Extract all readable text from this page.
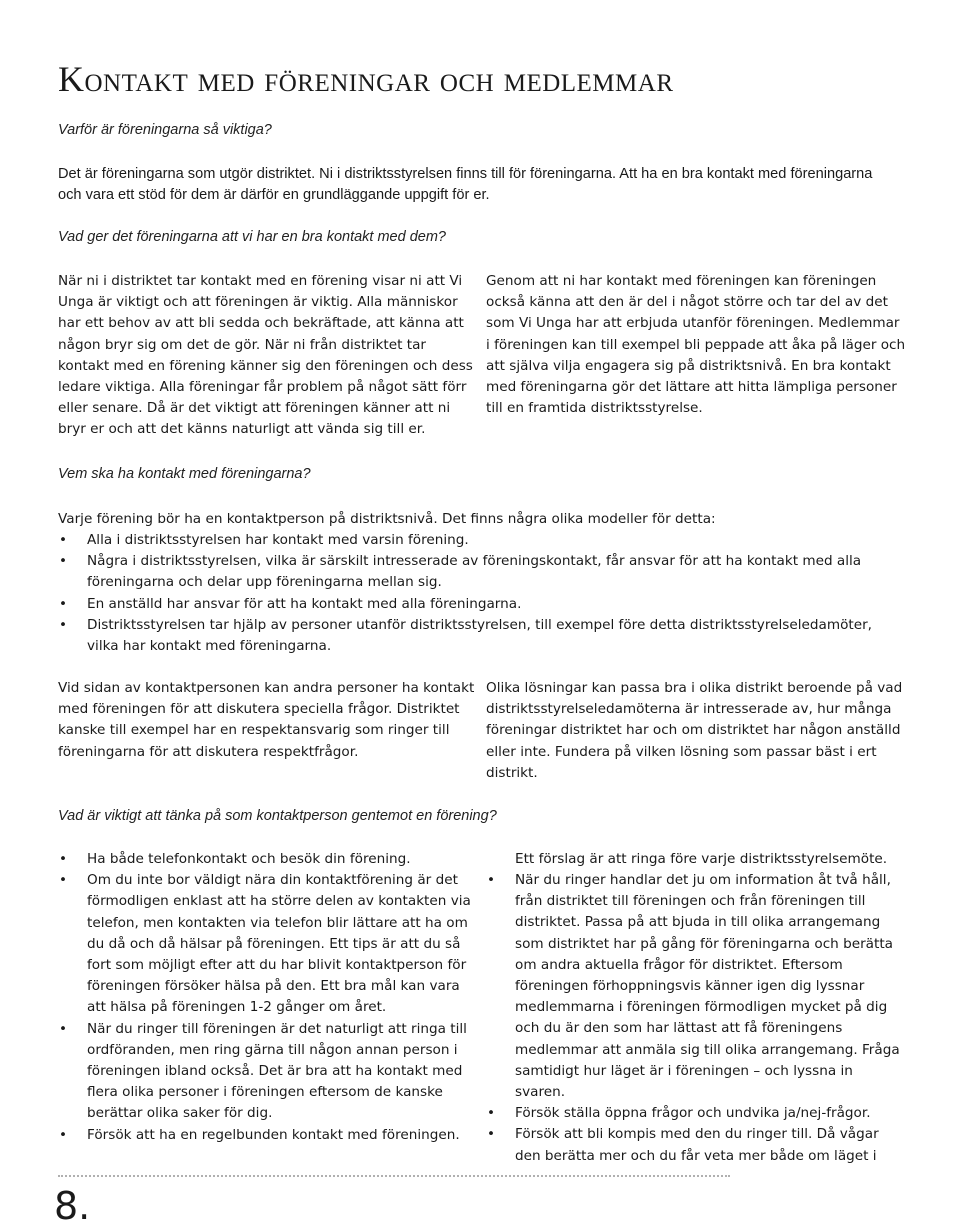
Kontakt med föreningar och medlemmar

Varför är föreningarna så viktiga?

Det är föreningarna som utgör distriktet. Ni i distriktsstyrelsen finns till för föreningarna. Att ha en bra kontakt med föreningarna och vara ett stöd för dem är därför en grundläggande uppgift för er.

Vad ger det föreningarna att vi har en bra kontakt med dem?

När ni i distriktet tar kontakt med en förening visar ni att Vi Unga är viktigt och att föreningen är viktig. Alla människor har ett behov av att bli sedda och bekräftade, att känna att någon bryr sig om det de gör. När ni från distriktet tar kontakt med en förening känner sig den föreningen och dess ledare viktiga. Alla föreningar får problem på något sätt förr eller senare. Då är det viktigt att föreningen känner att ni bryr er och att det känns naturligt att vända sig till er.

Genom att ni har kontakt med föreningen kan föreningen också känna att den är del i något större och tar del av det som Vi Unga har att erbjuda utanför föreningen. Medlemmar i föreningen kan till exempel bli peppade att åka på läger och att själva vilja engagera sig på distriktsnivå. En bra kontakt med föreningarna gör det lättare att hitta lämpliga personer till en framtida distriktsstyrelse.

Vem ska ha kontakt med föreningarna?

Varje förening bör ha en kontaktperson på distriktsnivå. Det finns några olika modeller för detta:

• Alla i distriktsstyrelsen har kontakt med varsin förening.
• Några i distriktsstyrelsen, vilka är särskilt intresserade av föreningskontakt, får ansvar för att ha kontakt med alla föreningarna och delar upp föreningarna mellan sig.
• En anställd har ansvar för att ha kontakt med alla föreningarna.
• Distriktsstyrelsen tar hjälp av personer utanför distriktsstyrelsen, till exempel före detta distriktsstyrelseledamöter, vilka har kontakt med föreningarna.

Vid sidan av kontaktpersonen kan andra personer ha kontakt med föreningen för att diskutera speciella frågor. Distriktet kanske till exempel har en respektansvarig som ringer till föreningarna för att diskutera respektfrågor.

Olika lösningar kan passa bra i olika distrikt beroende på vad distriktsstyrelseledamöterna är intresserade av, hur många föreningar distriktet har och om distriktet har någon anställd eller inte. Fundera på vilken lösning som passar bäst i ert distrikt.

Vad är viktigt att tänka på som kontaktperson gentemot en förening?

• Ha både telefonkontakt och besök din förening.
• Om du inte bor väldigt nära din kontaktförening är det förmodligen enklast att ha större delen av kontakten via telefon, men kontakten via telefon blir lättare att ha om du då och då hälsar på föreningen. Ett tips är att du så fort som möjligt efter att du har blivit kontaktperson för föreningen försöker hälsa på den. Ett bra mål kan vara att hälsa på föreningen 1-2 gånger om året.
• När du ringer till föreningen är det naturligt att ringa till ordföranden, men ring gärna till någon annan person i föreningen ibland också. Det är bra att ha kontakt med flera olika personer i föreningen eftersom de kanske berättar olika saker för dig.
• Försök att ha en regelbunden kontakt med föreningen.

Ett förslag är att ringa före varje distriktsstyrelsemöte.

• När du ringer handlar det ju om information åt två håll, från distriktet till föreningen och från föreningen till distriktet. Passa på att bjuda in till olika arrangemang som distriktet har på gång för föreningarna och berätta om andra aktuella frågor för distriktet. Eftersom föreningen förhoppningsvis känner igen dig lyssnar medlemmarna i föreningen förmodligen mycket på dig och du är den som har lättast att få föreningens medlemmar att anmäla sig till olika arrangemang. Fråga samtidigt hur läget är i föreningen – och lyssna in svaren.
• Försök ställa öppna frågor och undvika ja/nej-frågor.
• Försök att bli kompis med den du ringer till. Då vågar den berätta mer och du får veta mer både om läget i

8.
